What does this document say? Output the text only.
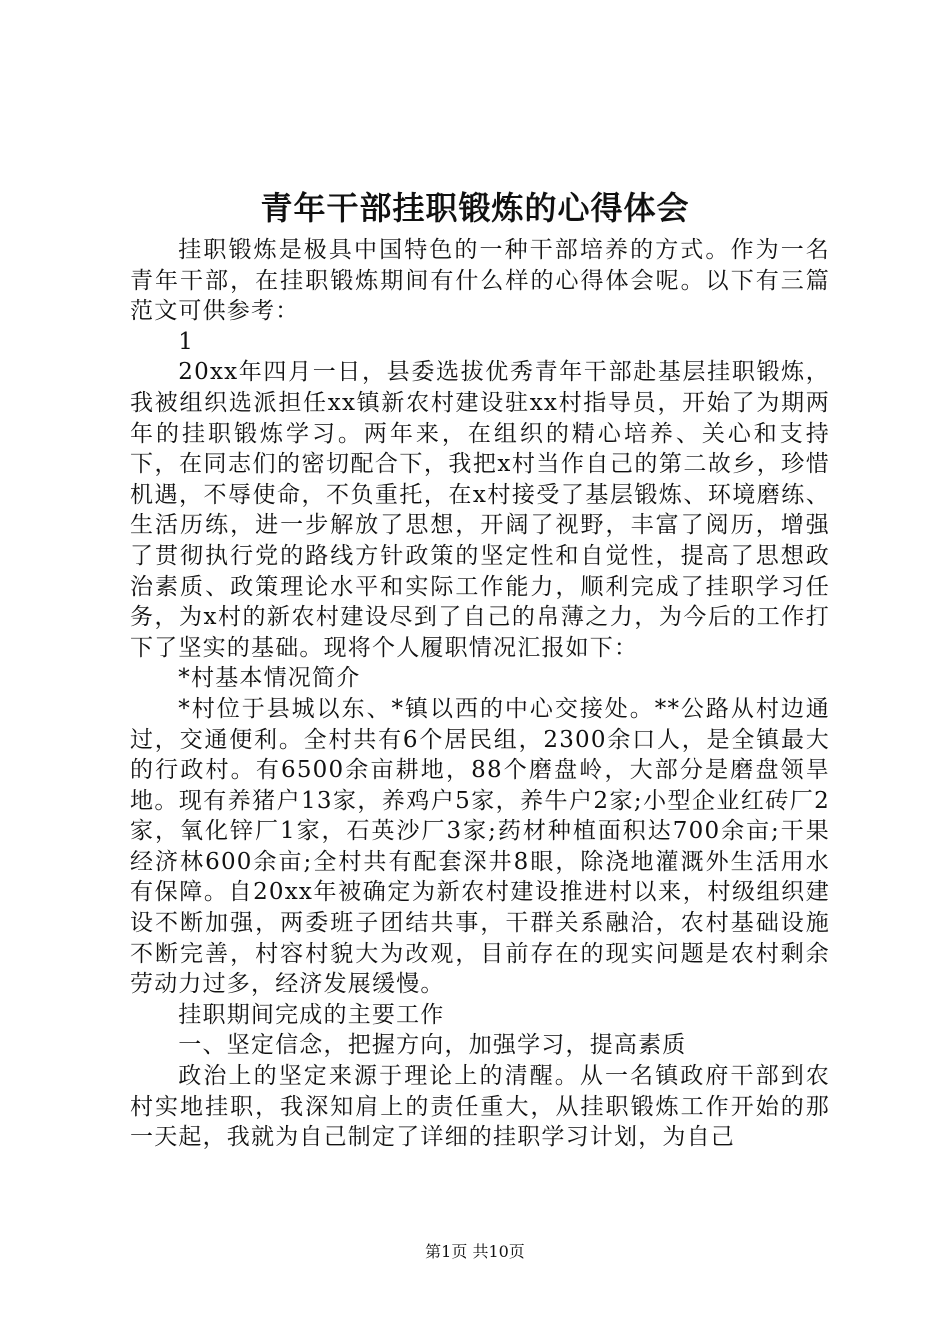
青年干部挂职锻炼的心得体会

挂职锻炼是极具中国特色的一种干部培养的方式。作为一名青年干部，在挂职锻炼期间有什么样的心得体会呢。以下有三篇范文可供参考：

1

20xx年四月一日，县委选拔优秀青年干部赴基层挂职锻炼，我被组织选派担任xx镇新农村建设驻xx村指导员，开始了为期两年的挂职锻炼学习。两年来，在组织的精心培养、关心和支持下，在同志们的密切配合下，我把x村当作自己的第二故乡，珍惜机遇，不辱使命，不负重托，在x村接受了基层锻炼、环境磨练、生活历练，进一步解放了思想，开阔了视野，丰富了阅历，增强了贯彻执行党的路线方针政策的坚定性和自觉性，提高了思想政治素质、政策理论水平和实际工作能力，顺利完成了挂职学习任务，为x村的新农村建设尽到了自己的帛薄之力，为今后的工作打下了坚实的基础。现将个人履职情况汇报如下：

*村基本情况简介

*村位于县城以东、*镇以西的中心交接处。**公路从村边通过，交通便利。全村共有6个居民组，2300余口人，是全镇最大的行政村。有6500余亩耕地，88个磨盘岭，大部分是磨盘领旱地。现有养猪户13家，养鸡户5家，养牛户2家;小型企业红砖厂2家，氧化锌厂1家，石英沙厂3家;药材种植面积达700余亩;干果经济林600余亩;全村共有配套深井8眼，除浇地灌溉外生活用水有保障。自20xx年被确定为新农村建设推进村以来，村级组织建设不断加强，两委班子团结共事，干群关系融洽，农村基础设施不断完善，村容村貌大为改观，目前存在的现实问题是农村剩余劳动力过多，经济发展缓慢。

挂职期间完成的主要工作

一、坚定信念，把握方向，加强学习，提高素质

政治上的坚定来源于理论上的清醒。从一名镇政府干部到农村实地挂职，我深知肩上的责任重大，从挂职锻炼工作开始的那一天起，我就为自己制定了详细的挂职学习计划，为自己

第1页 共10页
